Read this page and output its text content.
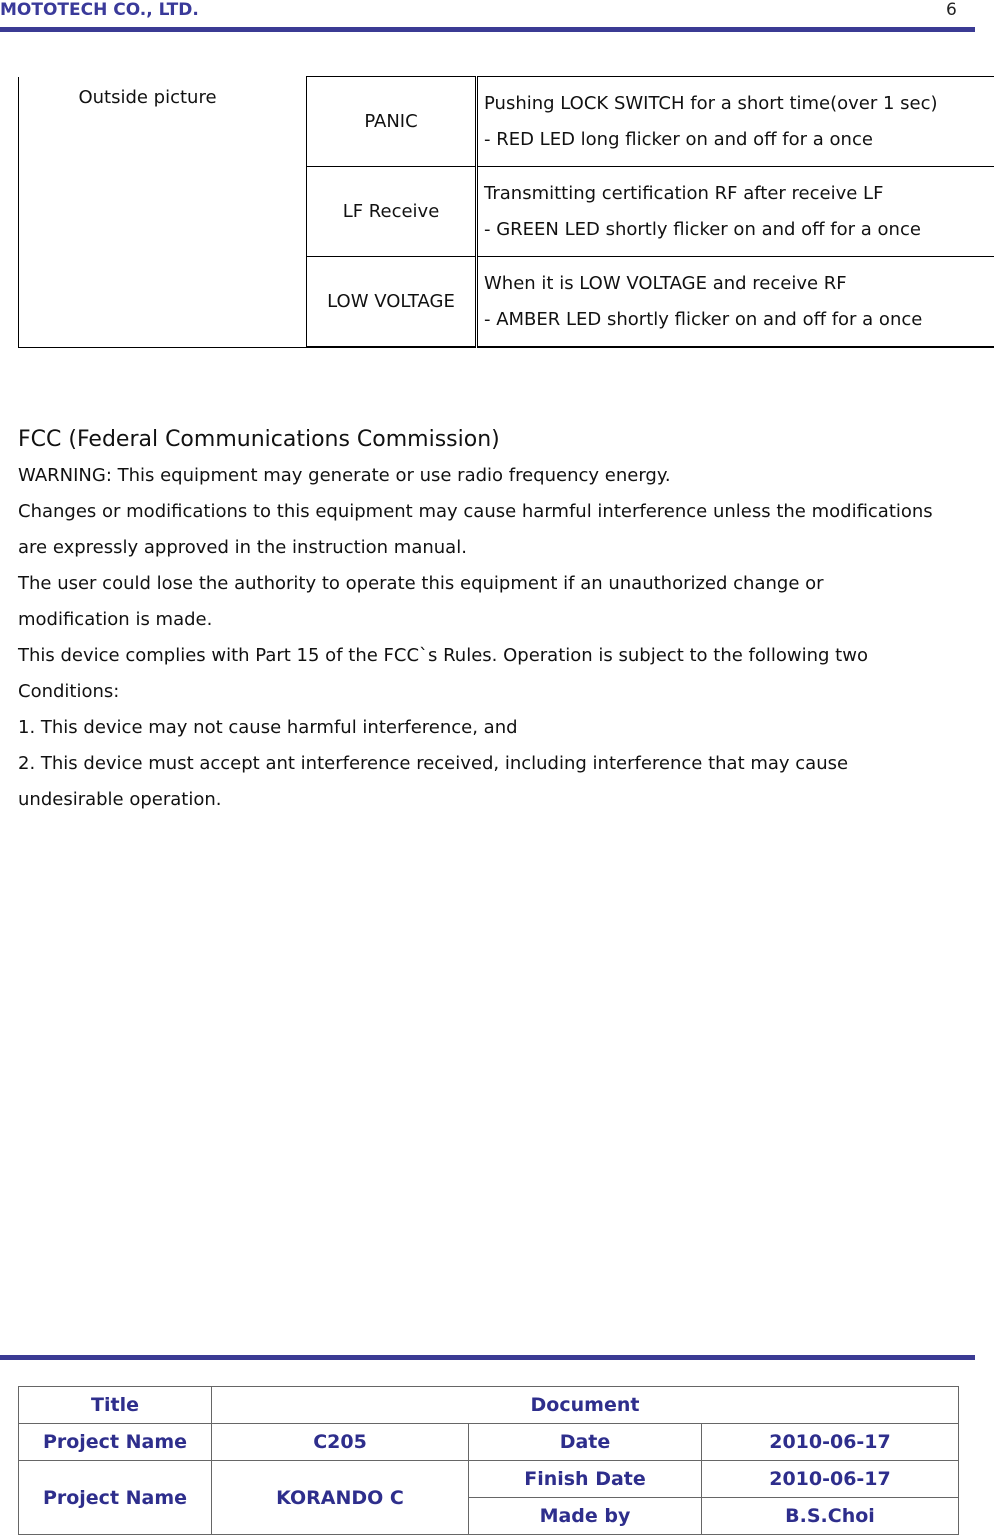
MOTOTECH CO., LTD.	6
Outside picture	PANIC	Pushing LOCK SWITCH for a short time(over 1 sec)
- RED LED long flicker on and off for a once

	LF Receive	Transmitting certification RF after receive LF
- GREEN LED shortly flicker on and off for a once

	LOW VOLTAGE	When it is LOW VOLTAGE and receive RF
- AMBER LED shortly flicker on and off for a once
FCC (Federal Communications Commission)

WARNING: This equipment may generate or use radio frequency energy.

Changes or modifications to this equipment may cause harmful interference unless the modifications

are expressly approved in the instruction manual.

The user could lose the authority to operate this equipment if an unauthorized change or

modification is made.

This device complies with Part 15 of the FCC`s Rules. Operation is subject to the following two

Conditions:

1. This device may not cause harmful interference, and

2. This device must accept ant interference received, including interference that may cause

undesirable operation.

Title	Document		
Project Name	C205	Date	2010-06-17
Project Name	KORANDO C	Finish Date	2010-06-17
		Made by	B.S.Choi
